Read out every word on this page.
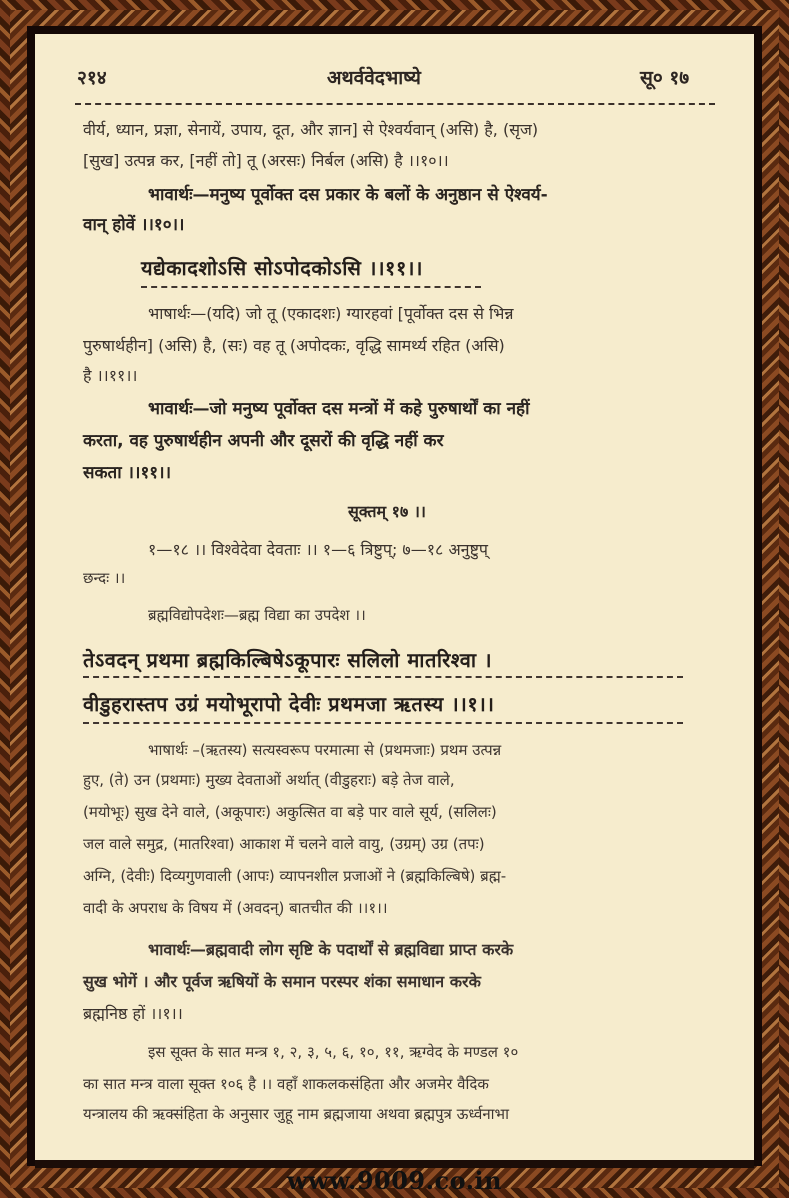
२१४	अथर्ववेदभाष्ये	सू० १७
वीर्य, ध्यान, प्रज्ञा, सेनायें, उपाय, दूत, और ज्ञान] से ऐश्वर्यवान् (असि) है, (सृज)
[सुख] उत्पन्न कर, [नहीं तो] तू (अरसः) निर्बल (असि) है ।।१०।।
भावार्थः—मनुष्य पूर्वोक्त दस प्रकार के बलों के अनुष्ठान से ऐश्वर्य-
वान् होवें ।।१०।।
यद्येकादशोऽसि सोऽपोदकोऽसि ।।११।।
भाषार्थः—(यदि) जो तू (एकादशः) ग्यारहवां [पूर्वोक्त दस से भिन्न
पुरुषार्थहीन] (असि) है, (सः) वह तू (अपोदकः, वृद्धि सामर्थ्य रहित (असि)
है ।।११।।
भावार्थः—जो मनुष्य पूर्वोक्त दस मन्त्रों में कहे पुरुषार्थों का नहीं
करता, वह पुरुषार्थहीन अपनी और दूसरों की वृद्धि नहीं कर
सकता ।।११।।
सूक्तम् १७ ।।
१—१८ ।। विश्वेदेवा देवताः ।। १—६ त्रिष्टुप्; ७—१८ अनुष्टुप्
छन्दः ।।
ब्रह्मविद्योपदेशः—ब्रह्म विद्या का उपदेश ।।
तेऽवदन् प्रथमा ब्रह्मकिल्बिषेऽकूपारः सलिलो मातरिश्वा ।
वीडुहरास्तप उग्रं मयोभूरापो देवीः प्रथमजा ऋतस्य ।।१।।
भाषार्थः –(ऋतस्य) सत्यस्वरूप परमात्मा से (प्रथमजाः) प्रथम उत्पन्न
हुए, (ते) उन (प्रथमाः) मुख्य देवताओं अर्थात् (वीडुहराः) बड़े तेज वाले,
(मयोभूः) सुख देने वाले, (अकूपारः) अकुत्सित वा बड़े पार वाले सूर्य, (सलिलः)
जल वाले समुद्र, (मातरिश्वा) आकाश में चलने वाले वायु, (उग्रम्) उग्र (तपः)
अग्नि, (देवीः) दिव्यगुणवाली (आपः) व्यापनशील प्रजाओं ने (ब्रह्मकिल्बिषे) ब्रह्म-
वादी के अपराध के विषय में (अवदन्) बातचीत की ।।१।।
भावार्थः—ब्रह्मवादी लोग सृष्टि के पदार्थों से ब्रह्मविद्या प्राप्त करके
सुख भोगें । और पूर्वज ऋषियों के समान परस्पर शंका समाधान करके
ब्रह्मनिष्ठ हों ।।१।।
इस सूक्त के सात मन्त्र १, २, ३, ५, ६, १०, ११, ऋग्वेद के मण्डल १०
का सात मन्त्र वाला सूक्त १०६ है ।। वहाँ शाकलकसंहिता और अजमेर वैदिक
यन्त्रालय की ऋक्संहिता के अनुसार जुहू नाम ब्रह्मजाया अथवा ब्रह्मपुत्र ऊर्ध्वनाभा
www.9009.co.in
